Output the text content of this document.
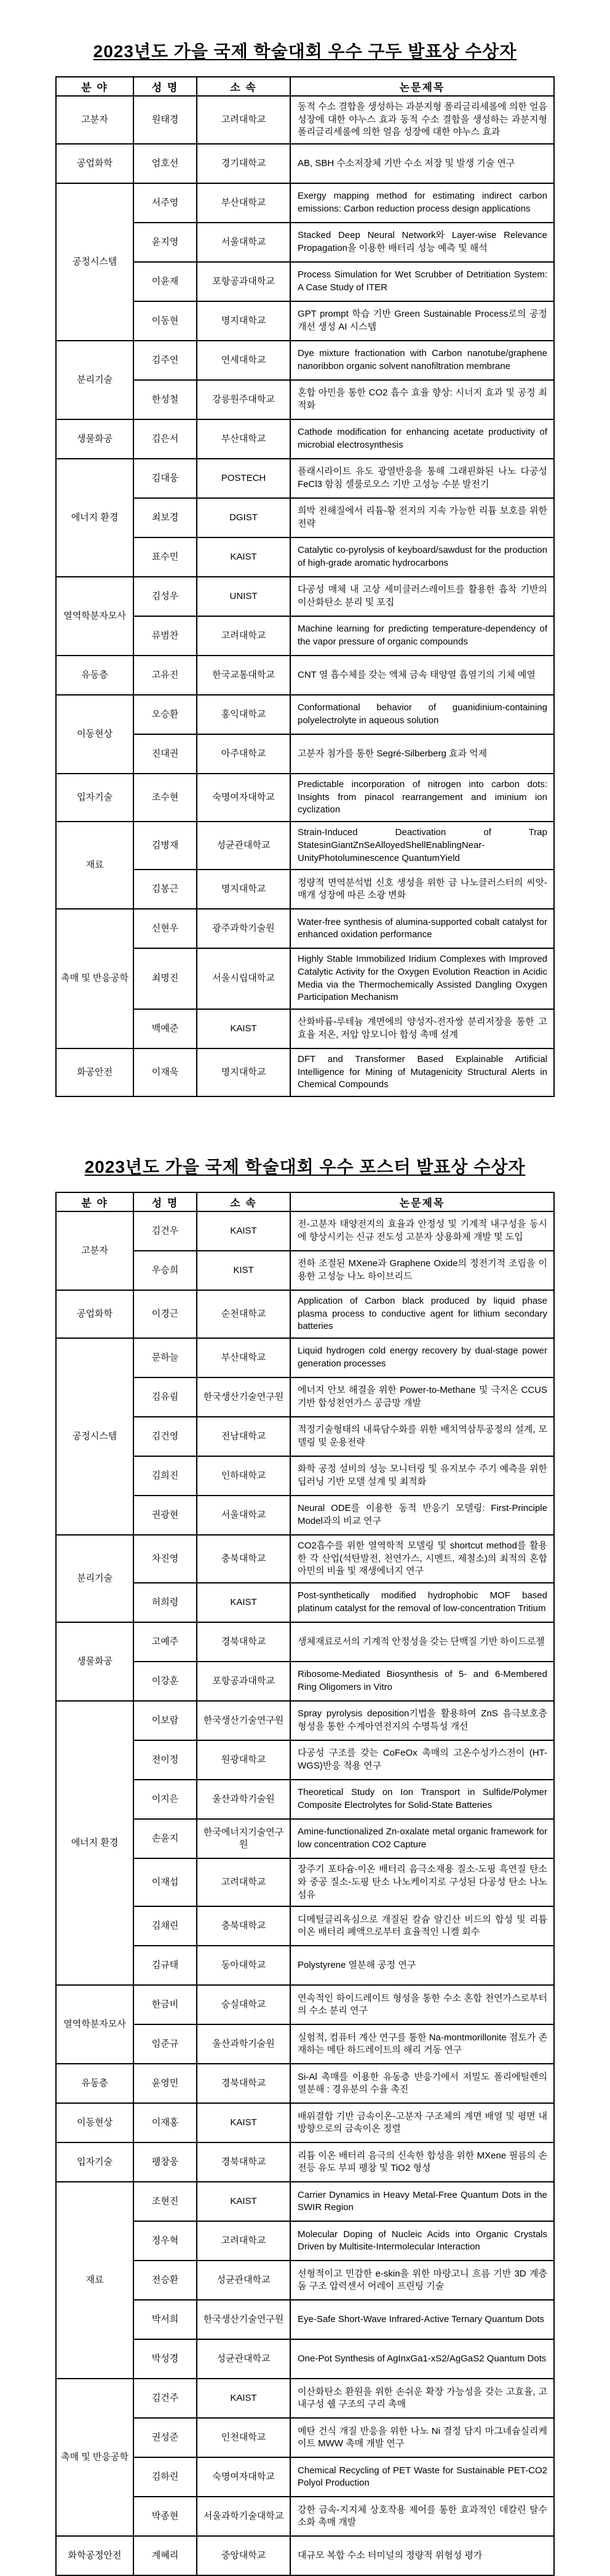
2023년도 가을 국제 학술대회 우수 구두 발표상 수상자
분 야	성 명	소 속	논문제목
고분자	원태경	고려대학교	동적 수소 결합을 생성하는 과분지형 폴리글리세롤에 의한 얼음 성장에 대한 야누스 효과 동적 수소 결합을 생성하는 과분지형 폴리글리세롤에 의한 얼음 성장에 대한 야누스 효과
공업화학	엄호선	경기대학교	AB, SBH 수소저장체 기반 수소 저장 및 발생 기술 연구
공정시스템	서주영	부산대학교	Exergy mapping method for estimating indirect carbon emissions: Carbon reduction process design applications
	윤지영	서울대학교	Stacked Deep Neural Network와 Layer-wise Relevance Propagation을 이용한 배터리 성능 예측 및 해석
	이윤재	포항공과대학교	Process Simulation for Wet Scrubber of Detritiation System: A Case Study of ITER
	이동현	명지대학교	GPT prompt 학습 기반 Green Sustainable Process로의 공정 개선 생성 AI 시스템
분리기술	김주연	연세대학교	Dye mixture fractionation with Carbon nanotube/graphene nanoribbon organic solvent nanofiltration membrane
	한성철	강릉원주대학교	혼합 아민을 통한 CO2 흡수 효율 향상: 시너지 효과 및 공정 최적화
생물화공	김은서	부산대학교	Cathode modification for enhancing acetate productivity of microbial electrosynthesis
에너지 환경	김대웅	POSTECH	플래시라이트 유도 광열반응을 통해 그래핀화된 나노 다공성 FeCl3 함침 셀룰로오스 기반 고성능 수분 발전기
	최보경	DGIST	희박 전해질에서 리튬-황 전지의 지속 가능한 리튬 보호를 위한 전략
	표수민	KAIST	Catalytic co-pyrolysis of keyboard/sawdust for the production of high-grade aromatic hydrocarbons
열역학분자모사	김성우	UNIST	다공성 매체 내 고상 세미클러스레이트를 활용한 흡착 기반의 이산화탄소 분리 및 포집
	류범찬	고려대학교	Machine learning for predicting temperature-dependency of the vapor pressure of organic compounds
유동층	고유진	한국교통대학교	CNT 열 흡수체를 갖는 액체 금속 태양열 흡열기의 기체 예열
이동현상	오승환	홍익대학교	Conformational behavior of guanidinium-containing polyelectrolyte in aqueous solution
	진대권	아주대학교	고분자 첨가를 통한 Segré-Silberberg 효과 억제
입자기술	조수현	숙명여자대학교	Predictable incorporation of nitrogen into carbon dots: Insights from pinacol rearrangement and iminium ion cyclization
재료	김병재	성균관대학교	Strain-Induced Deactivation of Trap StatesinGiantZnSeAlloyedShellEnablingNear-UnityPhotoluminescence QuantumYield
	김봉근	명지대학교	정량적 면역분석법 신호 생성을 위한 금 나노클러스터의 씨앗-매개 성장에 따른 소광 변화
촉매 및 반응공학	신현우	광주과학기술원	Water-free synthesis of alumina-supported cobalt catalyst for enhanced oxidation performance
	최명진	서울시립대학교	Highly Stable Immobilized Iridium Complexes with Improved Catalytic Activity for the Oxygen Evolution Reaction in Acidic Media via the Thermochemically Assisted Dangling Oxygen Participation Mechanism
	백예준	KAIST	산화바륨-루테늄 계면에의 양성자-전자쌍 분리저장을 통한 고효율 저온, 저압 암모니아 합성 촉매 설계
화공안전	이재욱	명지대학교	DFT and Transformer Based Explainable Artificial Intelligence for Mining of Mutagenicity Structural Alerts in Chemical Compounds
2023년도 가을 국제 학술대회 우수 포스터 발표상 수상자
분 야	성 명	소 속	논문제목
고분자	김건우	KAIST	전-고분자 태양전지의 효율과 안정성 및 기계적 내구성을 동시에 향상시키는 신규 전도성 고분자 상용화제 개발 및 도입
	우승희	KIST	전하 조절된 MXene과 Graphene Oxide의 정전기적 조립을 이용한 고성능 나노 하이브리드
공업화학	이경근	순천대학교	Application of Carbon black produced by liquid phase plasma process to conductive agent for lithium secondary batteries
공정시스템	문하늘	부산대학교	Liquid hydrogen cold energy recovery by dual-stage power generation processes
	김유림	한국생산기술연구원	에너지 안보 해결을 위한 Power-to-Methane 및 극저온 CCUS 기반 합성천연가스 공급망 개발
	김건영	전남대학교	적정기술형태의 내륙담수화를 위한 배치역삼투공정의 설계, 모델링 및 운용전략
	김희진	인하대학교	화학 공정 설비의 성능 모니터링 및 유지보수 주기 예측을 위한 딥러닝 기반 모델 설계 및 최적화
	권광현	서울대학교	Neural ODE를 이용한 동적 반응기 모델링: First-Principle Model과의 비교 연구
분리기술	차진영	충북대학교	CO2흡수를 위한 열역학적 모델링 및 shortcut method를 활용한 각 산업(석탄발전, 천연가스, 시멘트, 제철소)의 최적의 혼합 아민의 비율 및 재생에너지 연구
	허희령	KAIST	Post-synthetically modified hydrophobic MOF based platinum catalyst for the removal of low-concentration Tritium
생물화공	고예주	경북대학교	생체재료로서의 기계적 안정성을 갖는 단백질 기반 하이드로젤
	이강훈	포항공과대학교	Ribosome-Mediated Biosynthesis of 5- and 6-Membered Ring Oligomers in Vitro
에너지 환경	이보람	한국생산기술연구원	Spray pyrolysis deposition기법을 활용하여 ZnS 음극보호층 형성을 통한 수계아연전지의 수명특성 개선
	전이정	원광대학교	다공성 구조를 갖는 CoFeOx 촉매의 고온수성가스전이 (HT-WGS)반응 적용 연구
	이지은	울산과학기술원	Theoretical Study on Ion Transport in Sulfide/Polymer Composite Electrolytes for Solid-State Batteries
	손윤지	한국에너지기술연구원	Amine-functionalized Zn-oxalate metal organic framework for low concentration CO2 Capture
	이재섭	고려대학교	장주기 포타슘-이온 배터리 음극소재용 질소-도핑 흑연질 탄소와 중공 질소-도핑 탄소 나노케이지로 구성된 다공성 탄소 나노섬유
	김채린	충북대학교	디메틸글리옥심으로 개질된 칼슘 알긴산 비드의 합성 및 리튬 이온 배터리 폐액으로부터 효율적인 니켈 회수
	김규태	동아대학교	Polystyrene 열분해 공정 연구
열역학분자모사	한금비	숭실대학교	연속적인 하이드레이트 형성을 통한 수소 혼합 천연가스로부터의 수소 분리 연구
	임준규	울산과학기술원	실험적, 컴퓨터 계산 연구를 통한 Na-montmorillonite 점토가 존재하는 메탄 하드레이트의 해리 거동 연구
유동층	윤영민	경북대학교	Si-Al 촉매를 이용한 유동층 반응기에서 저밀도 폴리에틸렌의 열분해 : 경유분의 수율 촉진
이동현상	이재홍	KAIST	배위결합 기반 금속이온-고분자 구조체의 계면 배열 및 평면 내 방향으로의 금속이온 정렬
입자기술	팽창웅	경북대학교	리튬 이온 배터리 음극의 신속한 합성을 위한 MXene 필름의 손전등 유도 부피 팽창 및 TiO2 형성
재료	조현진	KAIST	Carrier Dynamics in Heavy Metal-Free Quantum Dots in the SWIR Region
	정우혁	고려대학교	Molecular Doping of Nucleic Acids into Organic Crystals Driven by Multisite-Intermolecular Interaction
	전승환	성균관대학교	선형적이고 민감한 e-skin을 위한 마랑고니 흐름 기반 3D 계층돔 구조 압력센서 어레이 프린팅 기술
	박서희	한국생산기술연구원	Eye-Safe Short-Wave Infrared-Active Ternary Quantum Dots
	박성경	성균관대학교	One-Pot Synthesis of AgInxGa1-xS2/AgGaS2 Quantum Dots
촉매 및 반응공학	김건주	KAIST	이산화탄소 환원을 위한 손쉬운 확장 가능성을 갖는 고효율, 고내구성 쉘 구조의 구리 촉매
	권성준	인천대학교	메탄 건식 개질 반응을 위한 나노 Ni 결정 담지 마그네슘실리케이트 MWW 촉매 개발 연구
	김하린	숙명여자대학교	Chemical Recycling of PET Waste for Sustainable PET-CO2 Polyol Production
	박종현	서울과학기술대학교	강한 금속-지지체 상호작용 제어를 통한 효과적인 데칼린 탈수소화 촉매 개발
화학공정안전	계혜리	중앙대학교	대규모 복합 수소 터미널의 정량적 위험성 평가
